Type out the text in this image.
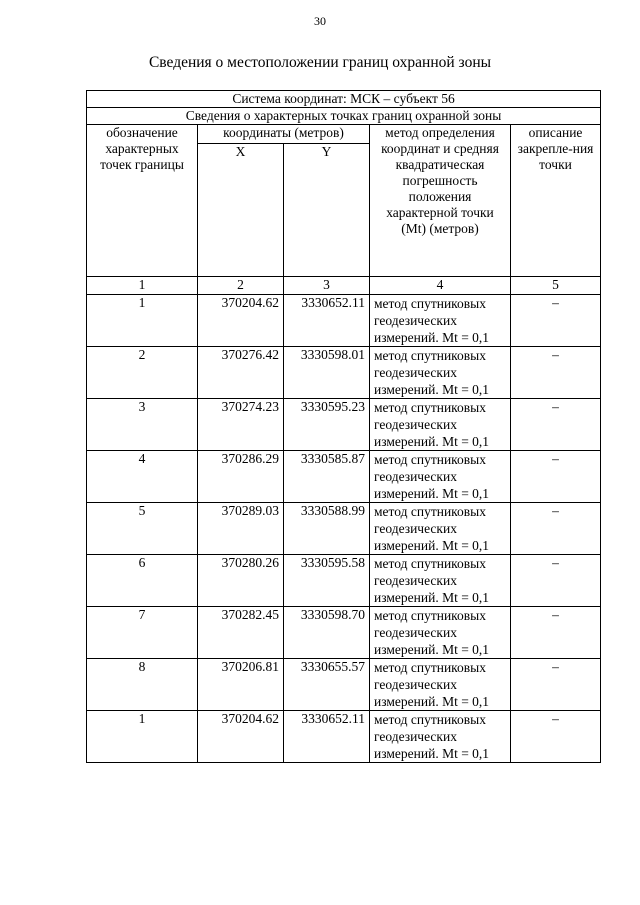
30
Сведения о местоположении границ охранной зоны
Система координат: МСК – субъект 56				
Сведения о характерных точках границ охранной зоны				
обозначение характерных точек границы	координаты (метров)		метод определения координат и средняя квадратическая погрешность положения характерной точки (Мt) (метров)	описание закрепле-ния точки
	X	Y		
1	2	3	4	5
1	370204.62	3330652.11	метод спутниковых геодезических измерений. Мt = 0,1	–
2	370276.42	3330598.01	метод спутниковых геодезических измерений. Мt = 0,1	–
3	370274.23	3330595.23	метод спутниковых геодезических измерений. Мt = 0,1	–
4	370286.29	3330585.87	метод спутниковых геодезических измерений. Мt = 0,1	–
5	370289.03	3330588.99	метод спутниковых геодезических измерений. Мt = 0,1	–
6	370280.26	3330595.58	метод спутниковых геодезических измерений. Мt = 0,1	–
7	370282.45	3330598.70	метод спутниковых геодезических измерений. Мt = 0,1	–
8	370206.81	3330655.57	метод спутниковых геодезических измерений. Мt = 0,1	–
1	370204.62	3330652.11	метод спутниковых геодезических измерений. Мt = 0,1	–
